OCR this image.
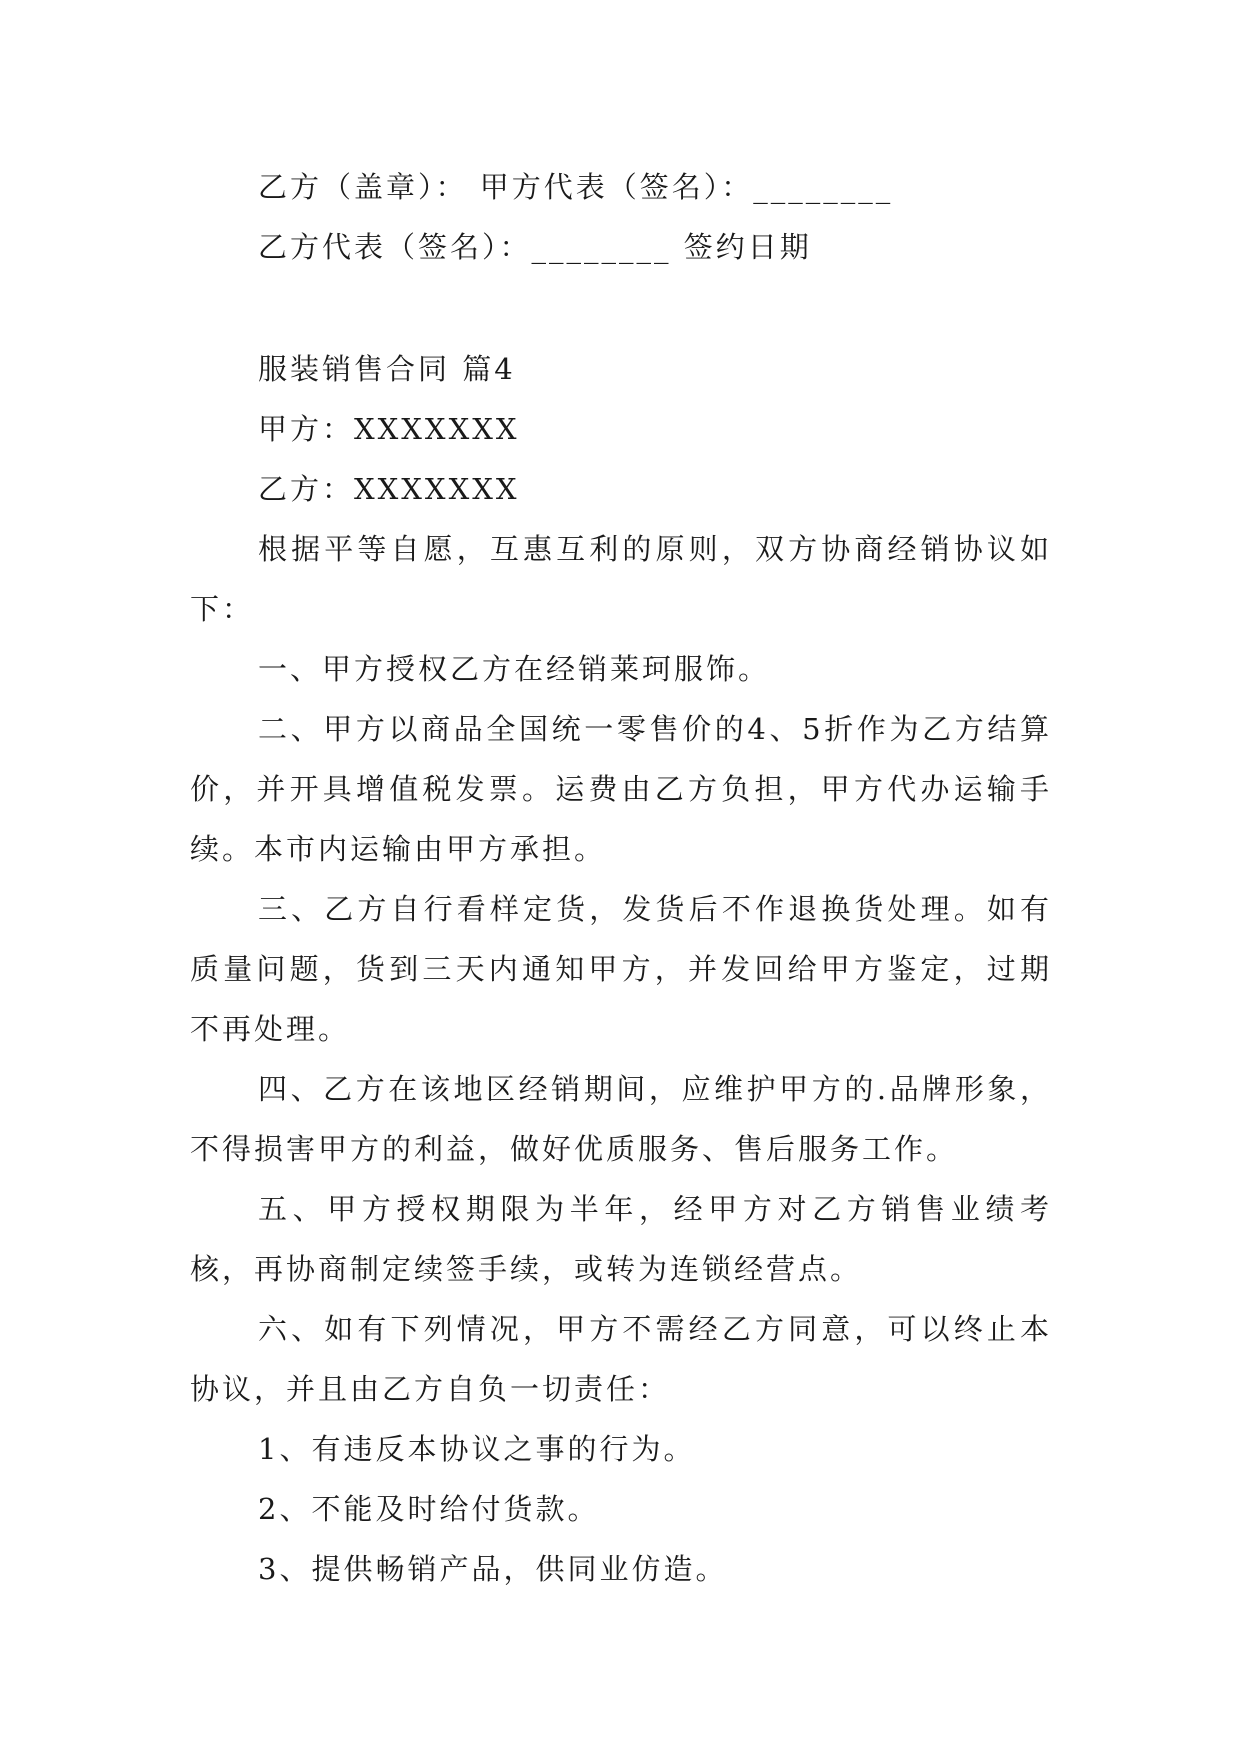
乙方（盖章）： 甲方代表（签名）：________

乙方代表（签名）：________ 签约日期

服装销售合同 篇4

甲方：XXXXXXX

乙方：XXXXXXX

根据平等自愿，互惠互利的原则，双方协商经销协议如下：

一、甲方授权乙方在经销莱珂服饰。

二、甲方以商品全国统一零售价的4、5折作为乙方结算价，并开具增值税发票。运费由乙方负担，甲方代办运输手续。本市内运输由甲方承担。

三、乙方自行看样定货，发货后不作退换货处理。如有质量问题，货到三天内通知甲方，并发回给甲方鉴定，过期不再处理。

四、乙方在该地区经销期间，应维护甲方的.品牌形象，不得损害甲方的利益，做好优质服务、售后服务工作。

五、甲方授权期限为半年，经甲方对乙方销售业绩考核，再协商制定续签手续，或转为连锁经营点。

六、如有下列情况，甲方不需经乙方同意，可以终止本协议，并且由乙方自负一切责任：

1、有违反本协议之事的行为。

2、不能及时给付货款。

3、提供畅销产品，供同业仿造。
